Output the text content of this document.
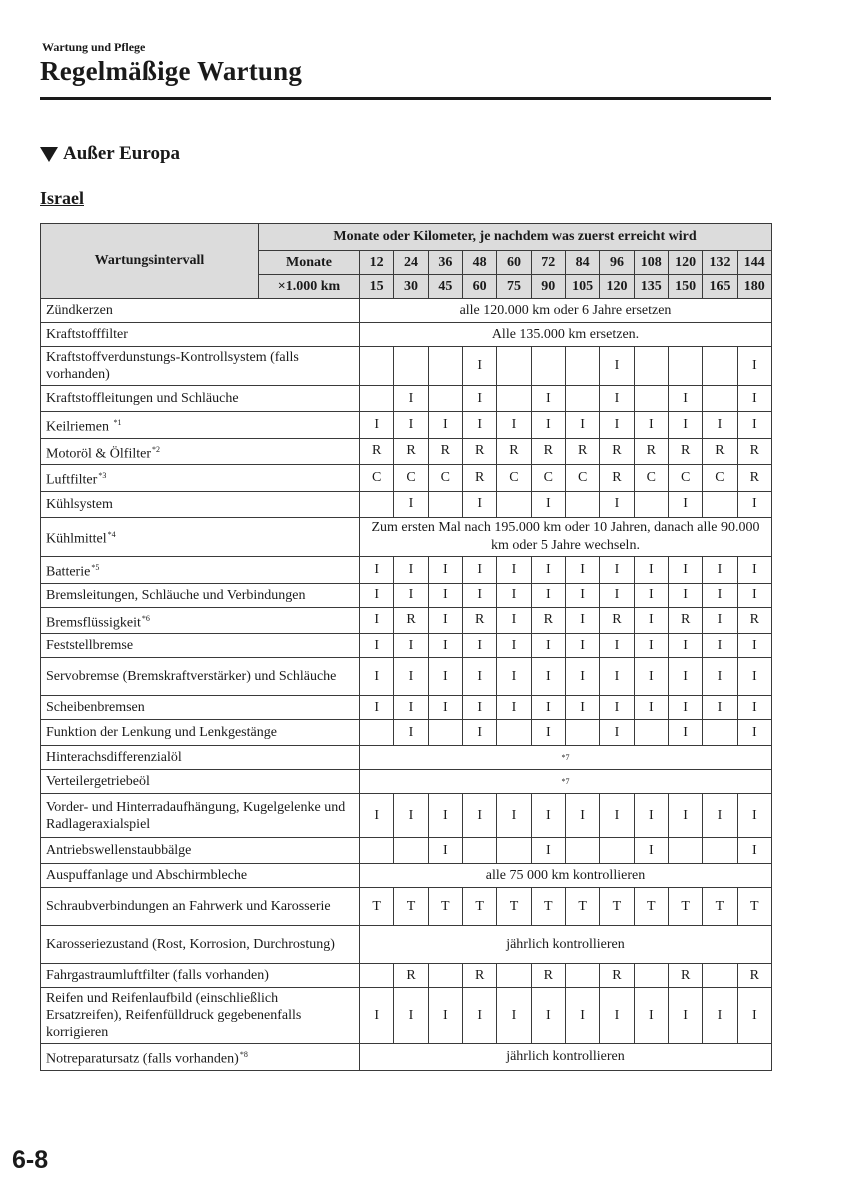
Wartung und Pflege
Regelmäßige Wartung
Außer Europa
Israel
Wartungsintervall	Monate oder Kilometer, je nachdem was zuerst erreicht wird												
	Monate	12	24	36	48	60	72	84	96	108	120	132	144
	×1.000 km	15	30	45	60	75	90	105	120	135	150	165	180
Zündkerzen		alle 120.000 km oder 6 Jahre ersetzen											
Kraftstofffilter		Alle 135.000 km ersetzen.											
Kraftstoffverdunstungs-Kontrollsystem (falls vorhanden)					I				I				I
Kraftstoffleitungen und Schläuche			I		I		I		I		I		I
Keilriemen $^{*1}$		I	I	I	I	I	I	I	I	I	I	I	I
Motoröl & Ölfilter$^{*2}$		R	R	R	R	R	R	R	R	R	R	R	R
Luftfilter$^{*3}$		C	C	C	R	C	C	C	R	C	C	C	R
Kühlsystem			I		I		I		I		I		I
Kühlmittel$^{*4}$		Zum ersten Mal nach 195.000 km oder 10 Jahren, danach alle 90.000 km oder 5 Jahre wechseln.											
Batterie$^{*5}$		I	I	I	I	I	I	I	I	I	I	I	I
Bremsleitungen, Schläuche und Verbindungen		I	I	I	I	I	I	I	I	I	I	I	I
Bremsflüssigkeit$^{*6}$		I	R	I	R	I	R	I	R	I	R	I	R
Feststellbremse		I	I	I	I	I	I	I	I	I	I	I	I
Servobremse (Bremskraftverstärker) und Schläuche		I	I	I	I	I	I	I	I	I	I	I	I
Scheibenbremsen		I	I	I	I	I	I	I	I	I	I	I	I
Funktion der Lenkung und Lenkgestänge			I		I		I		I		I		I
Hinterachsdifferenzialöl		*7											
Verteilergetriebeöl		*7											
Vorder- und Hinterradaufhängung, Kugelgelenke und Radlageraxialspiel		I	I	I	I	I	I	I	I	I	I	I	I
Antriebswellenstaubbälge				I			I			I			I
Auspuffanlage und Abschirmbleche		alle 75 000 km kontrollieren											
Schraubverbindungen an Fahrwerk und Karosserie		T	T	T	T	T	T	T	T	T	T	T	T
Karosseriezustand (Rost, Korrosion, Durchrostung)		jährlich kontrollieren											
Fahrgastraumluftfilter (falls vorhanden)			R		R		R		R		R		R
Reifen und Reifenlaufbild (einschließlich Ersatzreifen), Reifenfülldruck gegebenenfalls korrigieren		I	I	I	I	I	I	I	I	I	I	I	I
Notreparatursatz (falls vorhanden)$^{*8}$		jährlich kontrollieren											
6-8
